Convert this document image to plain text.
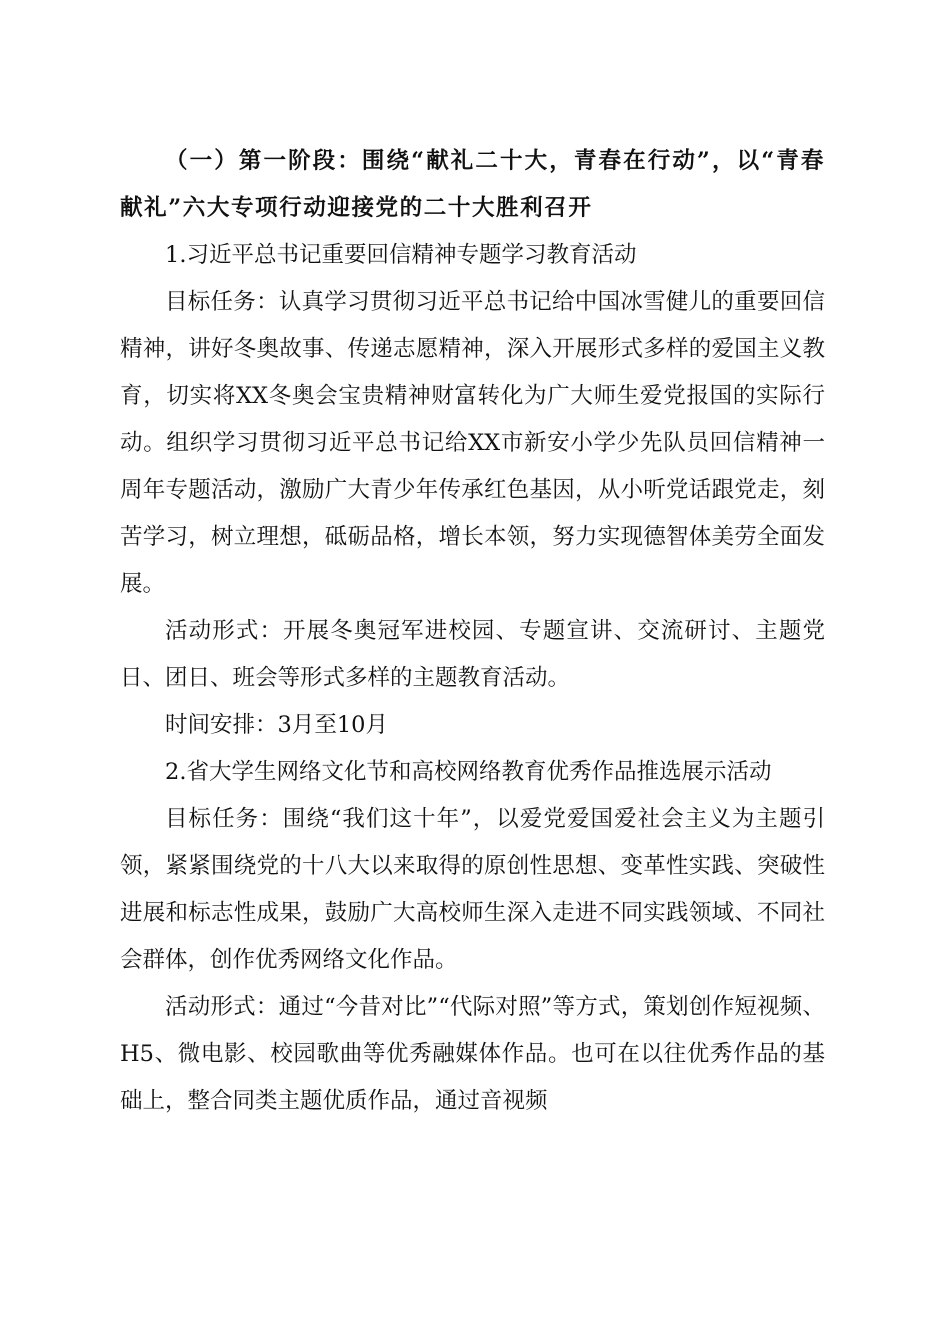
（一）第一阶段：围绕“献礼二十大，青春在行动”，以“青春献礼”六大专项行动迎接党的二十大胜利召开

1.习近平总书记重要回信精神专题学习教育活动

目标任务：认真学习贯彻习近平总书记给中国冰雪健儿的重要回信精神，讲好冬奥故事、传递志愿精神，深入开展形式多样的爱国主义教育，切实将XX冬奥会宝贵精神财富转化为广大师生爱党报国的实际行动。组织学习贯彻习近平总书记给XX市新安小学少先队员回信精神一周年专题活动，激励广大青少年传承红色基因，从小听党话跟党走，刻苦学习，树立理想，砥砺品格，增长本领，努力实现德智体美劳全面发展。

活动形式：开展冬奥冠军进校园、专题宣讲、交流研讨、主题党日、团日、班会等形式多样的主题教育活动。

时间安排：3月至10月

2.省大学生网络文化节和高校网络教育优秀作品推选展示活动

目标任务：围绕“我们这十年”，以爱党爱国爱社会主义为主题引领，紧紧围绕党的十八大以来取得的原创性思想、变革性实践、突破性进展和标志性成果，鼓励广大高校师生深入走进不同实践领域、不同社会群体，创作优秀网络文化作品。

活动形式：通过“今昔对比”“代际对照”等方式，策划创作短视频、H5、微电影、校园歌曲等优秀融媒体作品。也可在以往优秀作品的基础上，整合同类主题优质作品，通过音视频
